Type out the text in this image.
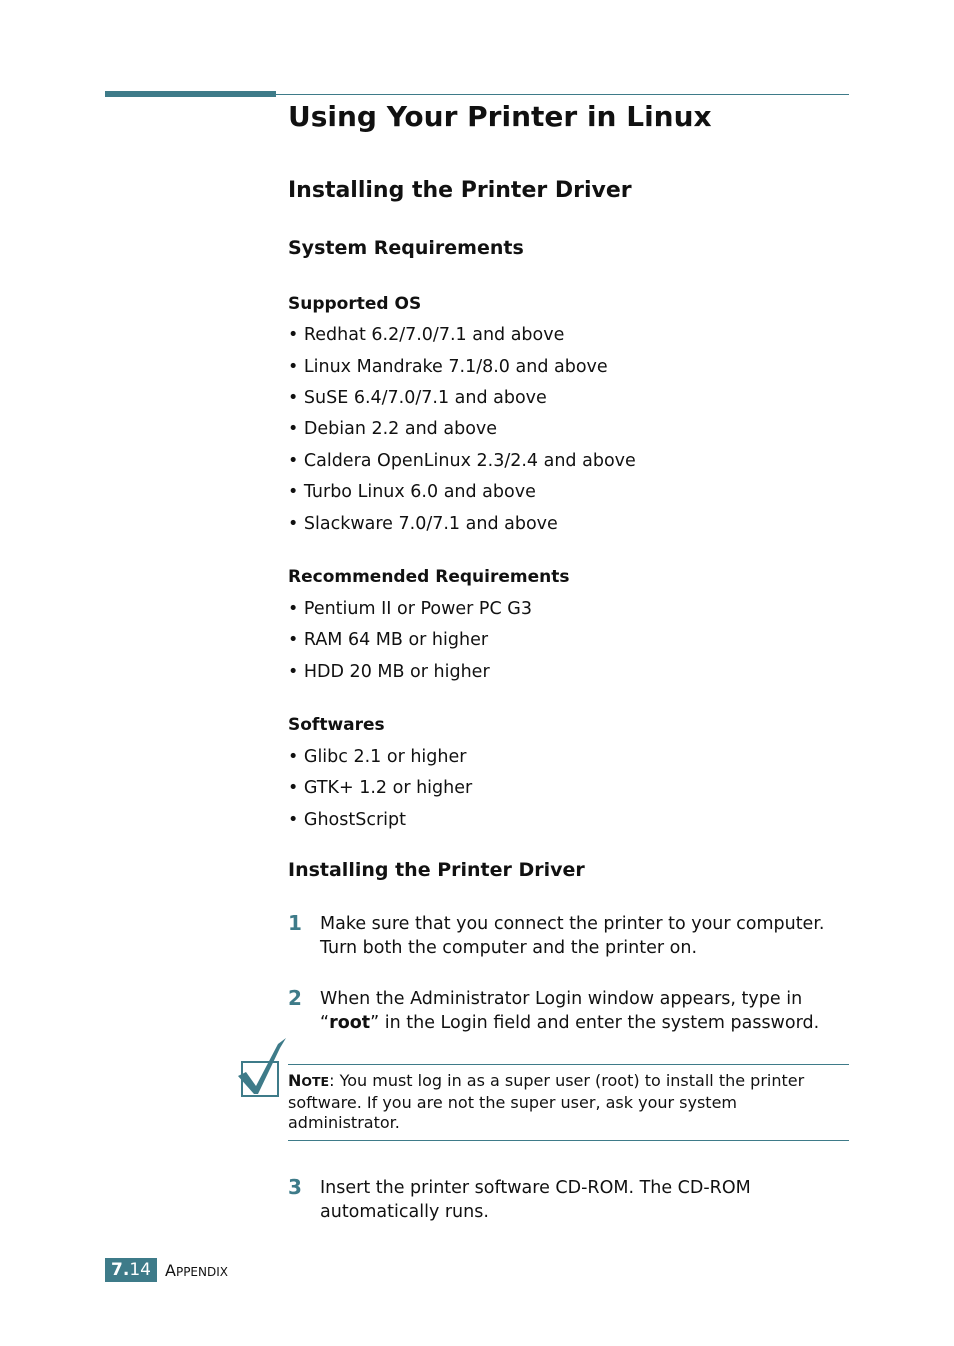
Using Your Printer in Linux
Installing the Printer Driver
System Requirements
Supported OS
• Redhat 6.2/7.0/7.1 and above
• Linux Mandrake 7.1/8.0 and above
• SuSE 6.4/7.0/7.1 and above
• Debian 2.2 and above
• Caldera OpenLinux 2.3/2.4 and above
• Turbo Linux 6.0 and above
• Slackware 7.0/7.1 and above
Recommended Requirements
• Pentium II or Power PC G3
• RAM 64 MB or higher
• HDD 20 MB or higher
Softwares
• Glibc 2.1 or higher
• GTK+ 1.2 or higher
• GhostScript
Installing the Printer Driver
1 Make sure that you connect the printer to your computer.
Turn both the computer and the printer on.
2 When the Administrator Login window appears, type in
“root” in the Login field and enter the system password.
NOTE: You must log in as a super user (root) to install the printer software. If you are not the super user, ask your system administrator.
3 Insert the printer software CD-ROM. The CD-ROM
automatically runs.
7.14 APPENDIX
